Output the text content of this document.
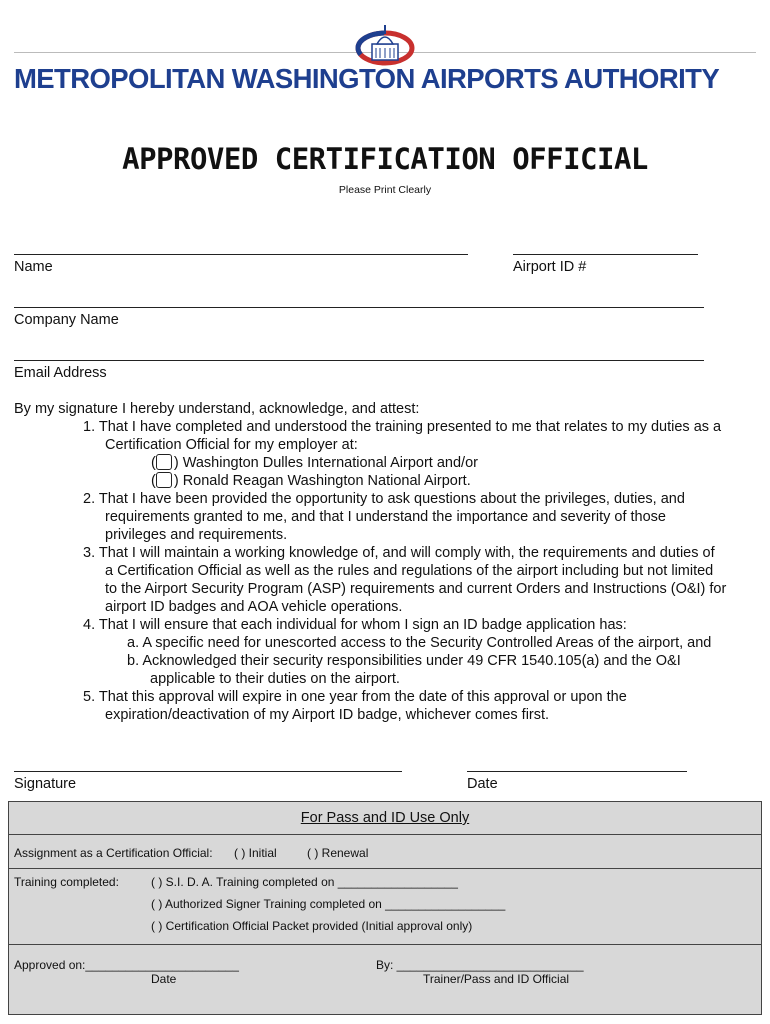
METROPOLITAN WASHINGTON AIRPORTS AUTHORITY
APPROVED CERTIFICATION OFFICIAL
Please Print Clearly
Name	Airport ID #
Company Name
Email Address
By my signature I hereby understand, acknowledge, and attest:
1. That I have completed and understood the training presented to me that relates to my duties as a
Certification Official for my employer at:
( ) Washington Dulles International Airport and/or
( ) Ronald Reagan Washington National Airport.
2. That I have been provided the opportunity to ask questions about the privileges, duties, and
requirements granted to me, and that I understand the importance and severity of those
privileges and requirements.
3. That I will maintain a working knowledge of, and will comply with, the requirements and duties of
a Certification Official as well as the rules and regulations of the airport including but not limited
to the Airport Security Program (ASP) requirements and current Orders and Instructions (O&I) for
airport ID badges and AOA vehicle operations.
4. That I will ensure that each individual for whom I sign an ID badge application has:
a. A specific need for unescorted access to the Security Controlled Areas of the airport, and
b. Acknowledged their security responsibilities under 49 CFR 1540.105(a) and the O&I
applicable to their duties on the airport.
5. That this approval will expire in one year from the date of this approval or upon the
expiration/deactivation of my Airport ID badge, whichever comes first.
Signature	Date
For Pass and ID Use Only
Assignment as a Certification Official: ( ) Initial	( ) Renewal
Training completed:	( ) S.I. D. A. Training completed on __________________
( ) Authorized Signer Training completed on __________________
( ) Certification Official Packet provided (Initial approval only)
Approved on:_______________________
Date
By: ____________________________
Trainer/Pass and ID Official
